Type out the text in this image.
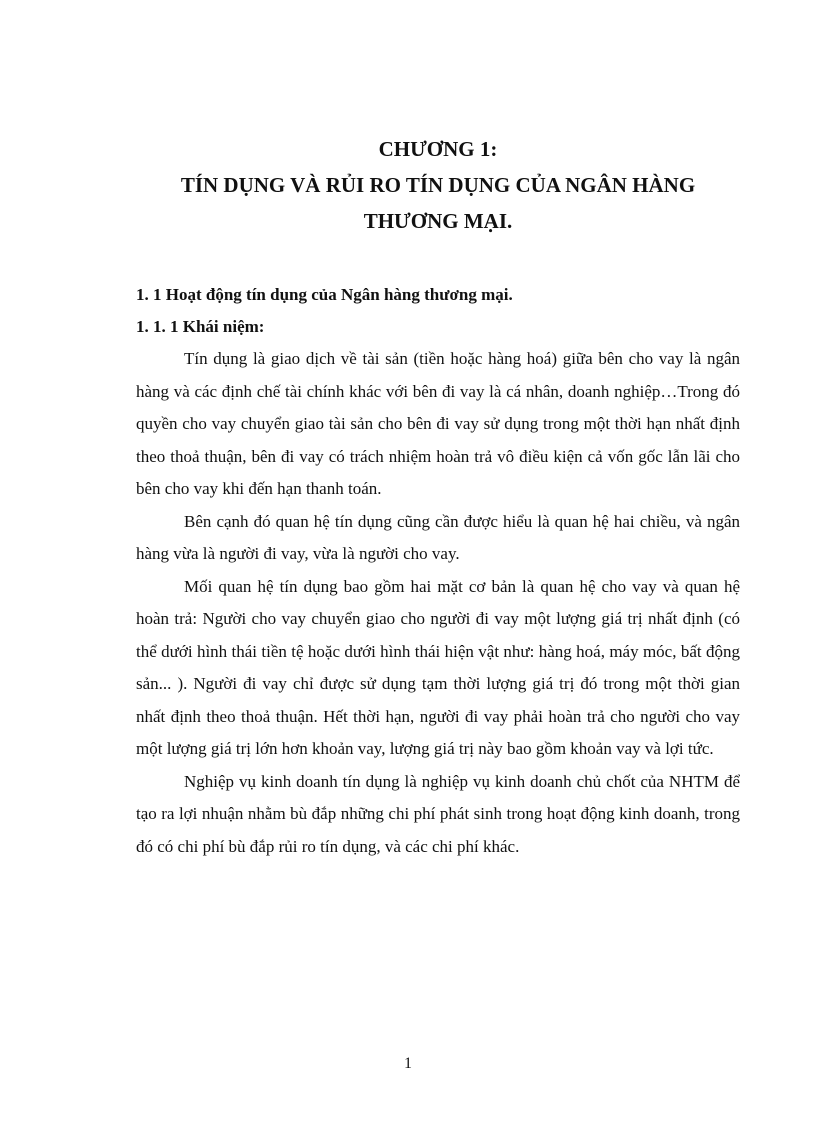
CHƯƠNG 1:
TÍN DỤNG VÀ RỦI RO TÍN DỤNG CỦA NGÂN HÀNG
THƯƠNG MẠI.

1. 1 Hoạt động tín dụng của Ngân hàng thương mại.

1. 1. 1 Khái niệm:

Tín dụng là giao dịch về tài sản (tiền hoặc hàng hoá) giữa bên cho vay là ngân hàng và các định chế tài chính khác với bên đi vay là cá nhân, doanh nghiệp…Trong đó quyền cho vay chuyển giao tài sản cho bên đi vay sử dụng trong một thời hạn nhất định theo thoả thuận, bên đi vay có trách nhiệm hoàn trả vô điều kiện cả vốn gốc lẫn lãi cho bên cho vay khi đến hạn thanh toán.

Bên cạnh đó quan hệ tín dụng cũng cần được hiểu là quan hệ hai chiều, và ngân hàng vừa là người đi vay, vừa là người cho vay.

Mối quan hệ tín dụng bao gồm hai mặt cơ bản là quan hệ cho vay và quan hệ hoàn trả: Người cho vay chuyển giao cho người đi vay một lượng giá trị nhất định (có thể dưới hình thái tiền tệ hoặc dưới hình thái hiện vật như: hàng hoá, máy móc, bất động sản... ). Người đi vay chỉ được sử dụng tạm thời lượng giá trị đó trong một thời gian nhất định theo thoả thuận. Hết thời hạn, người đi vay phải hoàn trả cho người cho vay một lượng giá trị lớn hơn khoản vay, lượng giá trị này bao gồm khoản vay và lợi tức.

Nghiệp vụ kinh doanh tín dụng là nghiệp vụ kinh doanh chủ chốt của NHTM để tạo ra lợi nhuận nhằm bù đắp những chi phí phát sinh trong hoạt động kinh doanh, trong đó có chi phí bù đắp rủi ro tín dụng, và các chi phí khác.

1
